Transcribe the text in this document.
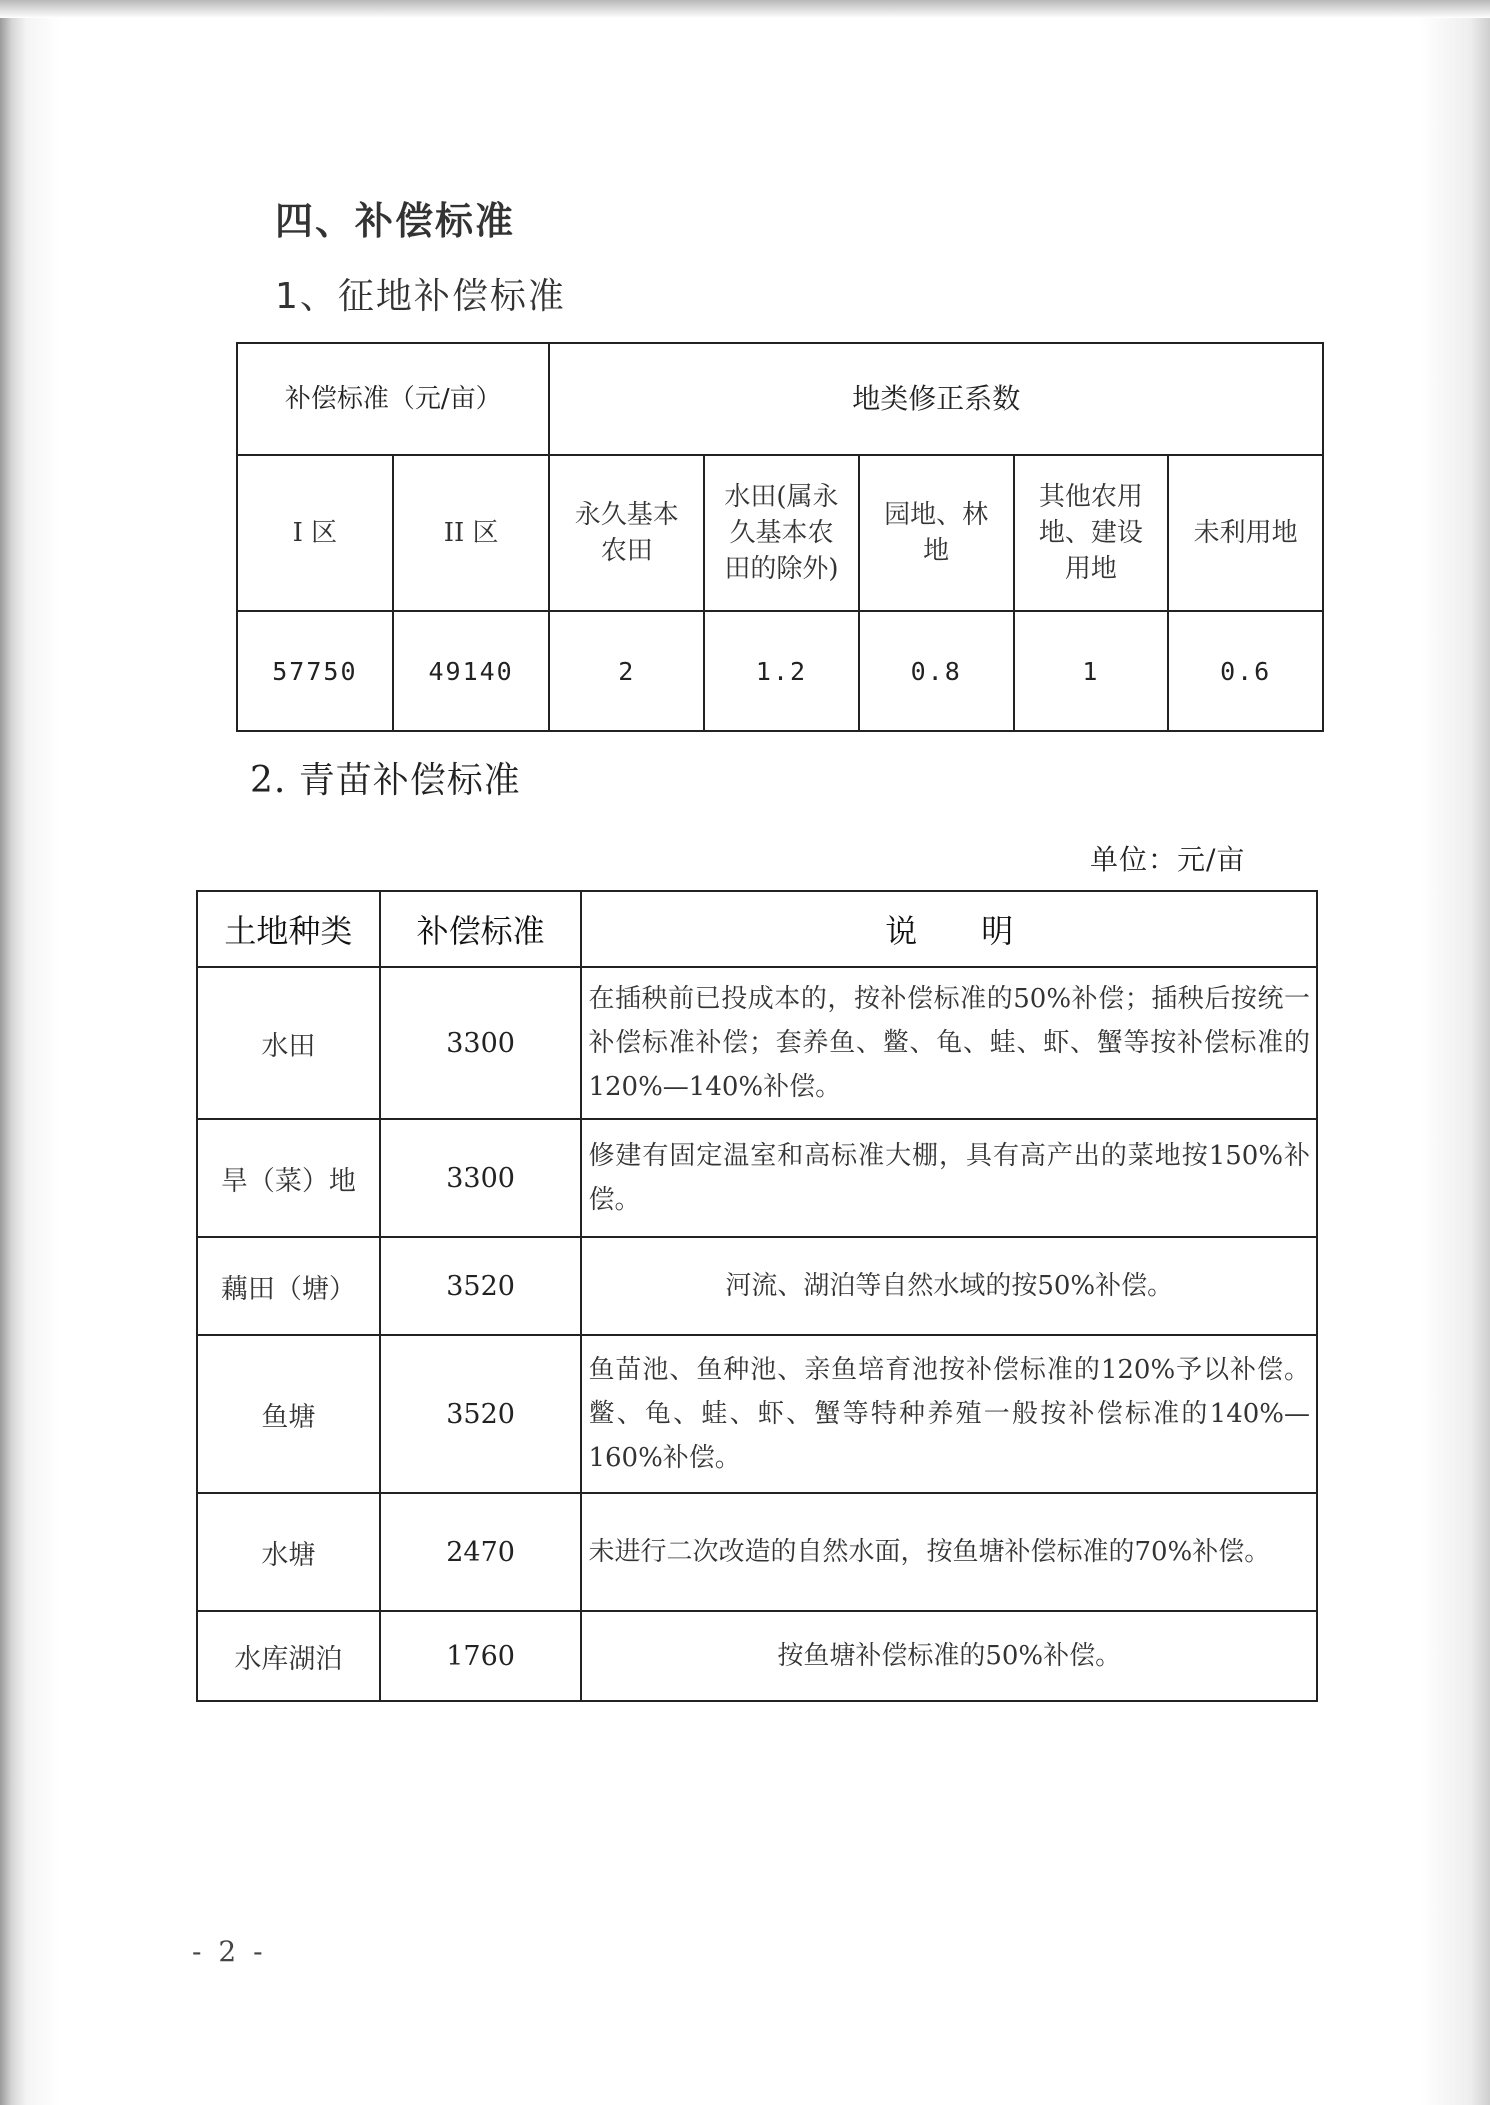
四、补偿标准
1、征地补偿标准
补偿标准（元/亩）		地类修正系数				
I 区	II 区	永久基本农田	水田(属永久基本农田的除外)	园地、林地	其他农用地、建设用地	未利用地
57750	49140	2	1.2	0.8	1	0.6
2. 青苗补偿标准
单位：元/亩
土地种类	补偿标准	说　　明
水田	3300	在插秧前已投成本的，按补偿标准的50%补偿；插秧后按统一补偿标准补偿；套养鱼、鳖、龟、蛙、虾、蟹等按补偿标准的120%—140%补偿。
旱（菜）地	3300	修建有固定温室和高标准大棚，具有高产出的菜地按150%补偿。
藕田（塘）	3520	河流、湖泊等自然水域的按50%补偿。
鱼塘	3520	鱼苗池、鱼种池、亲鱼培育池按补偿标准的120%予以补偿。鳖、龟、蛙、虾、蟹等特种养殖一般按补偿标准的140%—160%补偿。
水塘	2470	未进行二次改造的自然水面，按鱼塘补偿标准的70%补偿。
水库湖泊	1760	按鱼塘补偿标准的50%补偿。
- 2 -
